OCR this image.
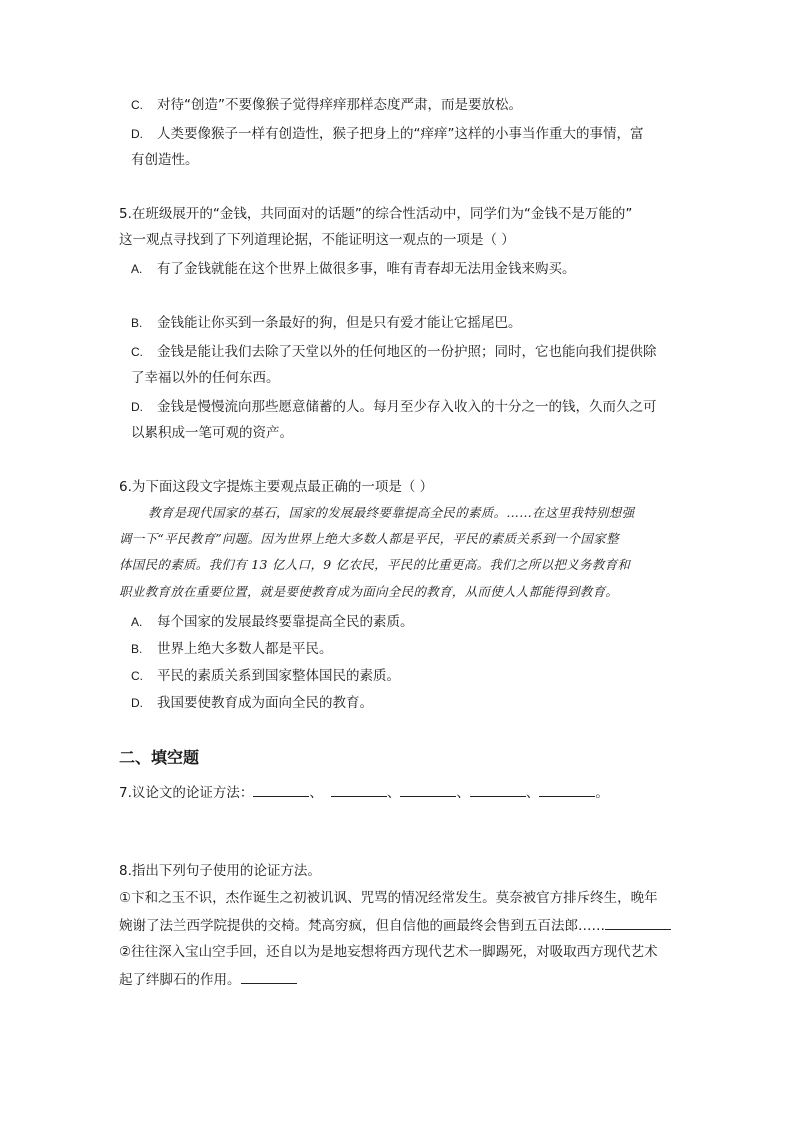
C. 对待“创造”不要像猴子觉得痒痒那样态度严肃，而是要放松。
D. 人类要像猴子一样有创造性，猴子把身上的“痒痒”这样的小事当作重大的事情，富
有创造性。
5.在班级展开的“金钱，共同面对的话题”的综合性活动中，同学们为“金钱不是万能的”
这一观点寻找到了下列道理论据，不能证明这一观点的一项是（ ）
A. 有了金钱就能在这个世界上做很多事，唯有青春却无法用金钱来购买。
B. 金钱能让你买到一条最好的狗，但是只有爱才能让它摇尾巴。
C. 金钱是能让我们去除了天堂以外的任何地区的一份护照；同时，它也能向我们提供除
了幸福以外的任何东西。
D. 金钱是慢慢流向那些愿意储蓄的人。每月至少存入收入的十分之一的钱，久而久之可
以累积成一笔可观的资产。
6.为下面这段文字提炼主要观点最正确的一项是（ ）
教育是现代国家的基石，国家的发展最终要靠提高全民的素质。……在这里我特别想强
调一下“平民教育”问题。因为世界上绝大多数人都是平民，平民的素质关系到一个国家整
体国民的素质。我们有 13 亿人口，9 亿农民，平民的比重更高。我们之所以把义务教育和
职业教育放在重要位置，就是要使教育成为面向全民的教育，从而使人人都能得到教育。
A. 每个国家的发展最终要靠提高全民的素质。
B. 世界上绝大多数人都是平民。
C. 平民的素质关系到国家整体国民的素质。
D. 我国要使教育成为面向全民的教育。
二、填空题
7.议论文的论证方法：	、	、	、	、	。
8.指出下列句子使用的论证方法。
①卞和之玉不识，杰作诞生之初被讥讽、咒骂的情况经常发生。莫奈被官方排斥终生，晚年
婉谢了法兰西学院提供的交椅。梵高穷疯，但自信他的画最终会售到五百法郎……
②往往深入宝山空手回，还自以为是地妄想将西方现代艺术一脚踢死，对吸取西方现代艺术
起了绊脚石的作用。
